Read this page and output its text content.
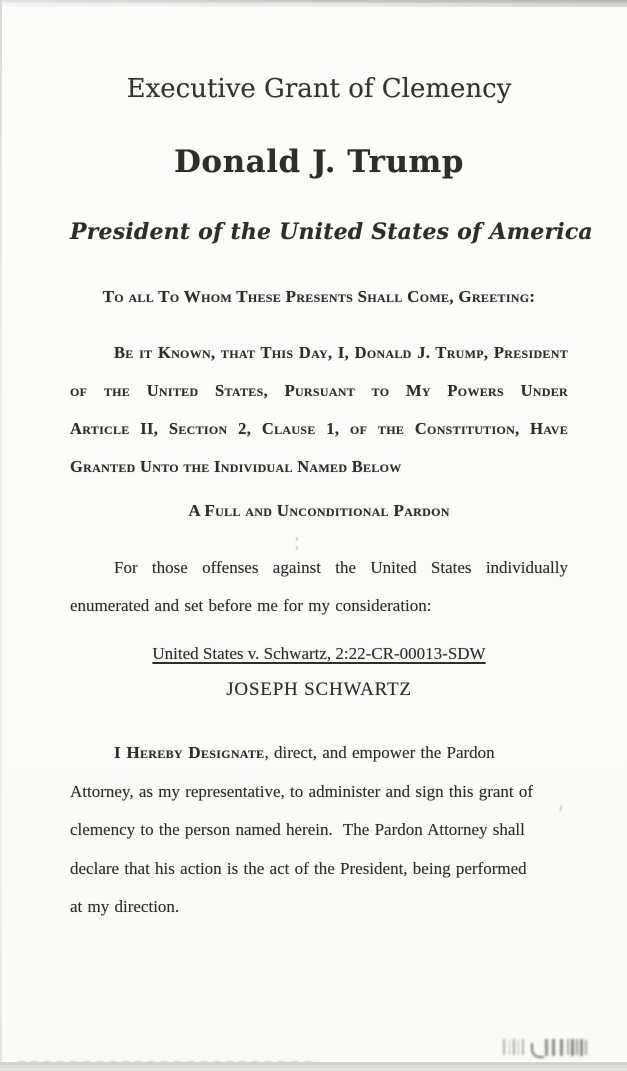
Executive Grant of Clemency
Donald J. Trump
President of the United States of America
To all To Whom These Presents Shall Come, Greeting:
Be it Known, that This Day, I, Donald J. Trump, President
of the United States, Pursuant to My Powers Under
Article II, Section 2, Clause 1, of the Constitution, Have
Granted Unto the Individual Named Below
A Full and Unconditional Pardon
For those offenses against the United States individually
enumerated and set before me for my consideration:
United States v. Schwartz, 2:22-CR-00013-SDW
JOSEPH SCHWARTZ
I Hereby Designate, direct, and empower the Pardon
Attorney, as my representative, to administer and sign this grant of
clemency to the person named herein.  The Pardon Attorney shall
declare that his action is the act of the President, being performed
at my direction.
